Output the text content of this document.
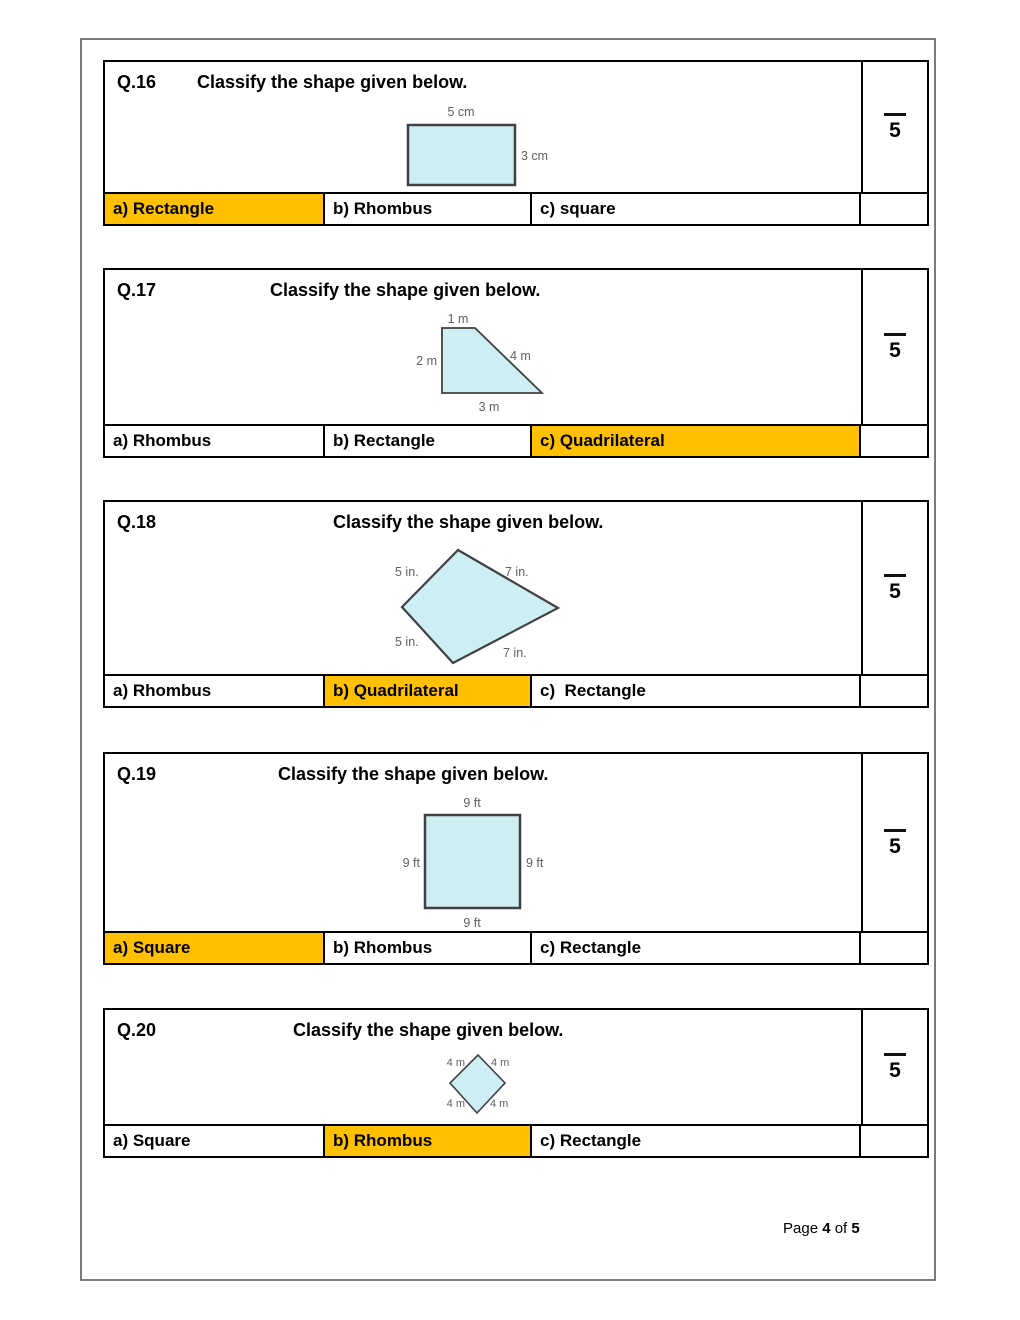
Q.16 Classify the shape given below.
5 cm
3 cm
5
a) Rectangle	b) Rhombus	c) square
Q.17	Classify the shape given below.
1 m
2 m	4 m
3 m
5
a) Rhombus	b) Rectangle	c) Quadrilateral
Q.18	Classify the shape given below.
5 in.	7 in.
5 in.
7 in.
5
a) Rhombus	b) Quadrilateral	c)  Rectangle
Q.19	Classify the shape given below.
9 ft
9 ft	9 ft
9 ft
5
a) Square	b) Rhombus	c) Rectangle
Q.20	Classify the shape given below.
4 m 4 m
4 m 4 m
5
a) Square	b) Rhombus	c) Rectangle
Page 4 of 5
